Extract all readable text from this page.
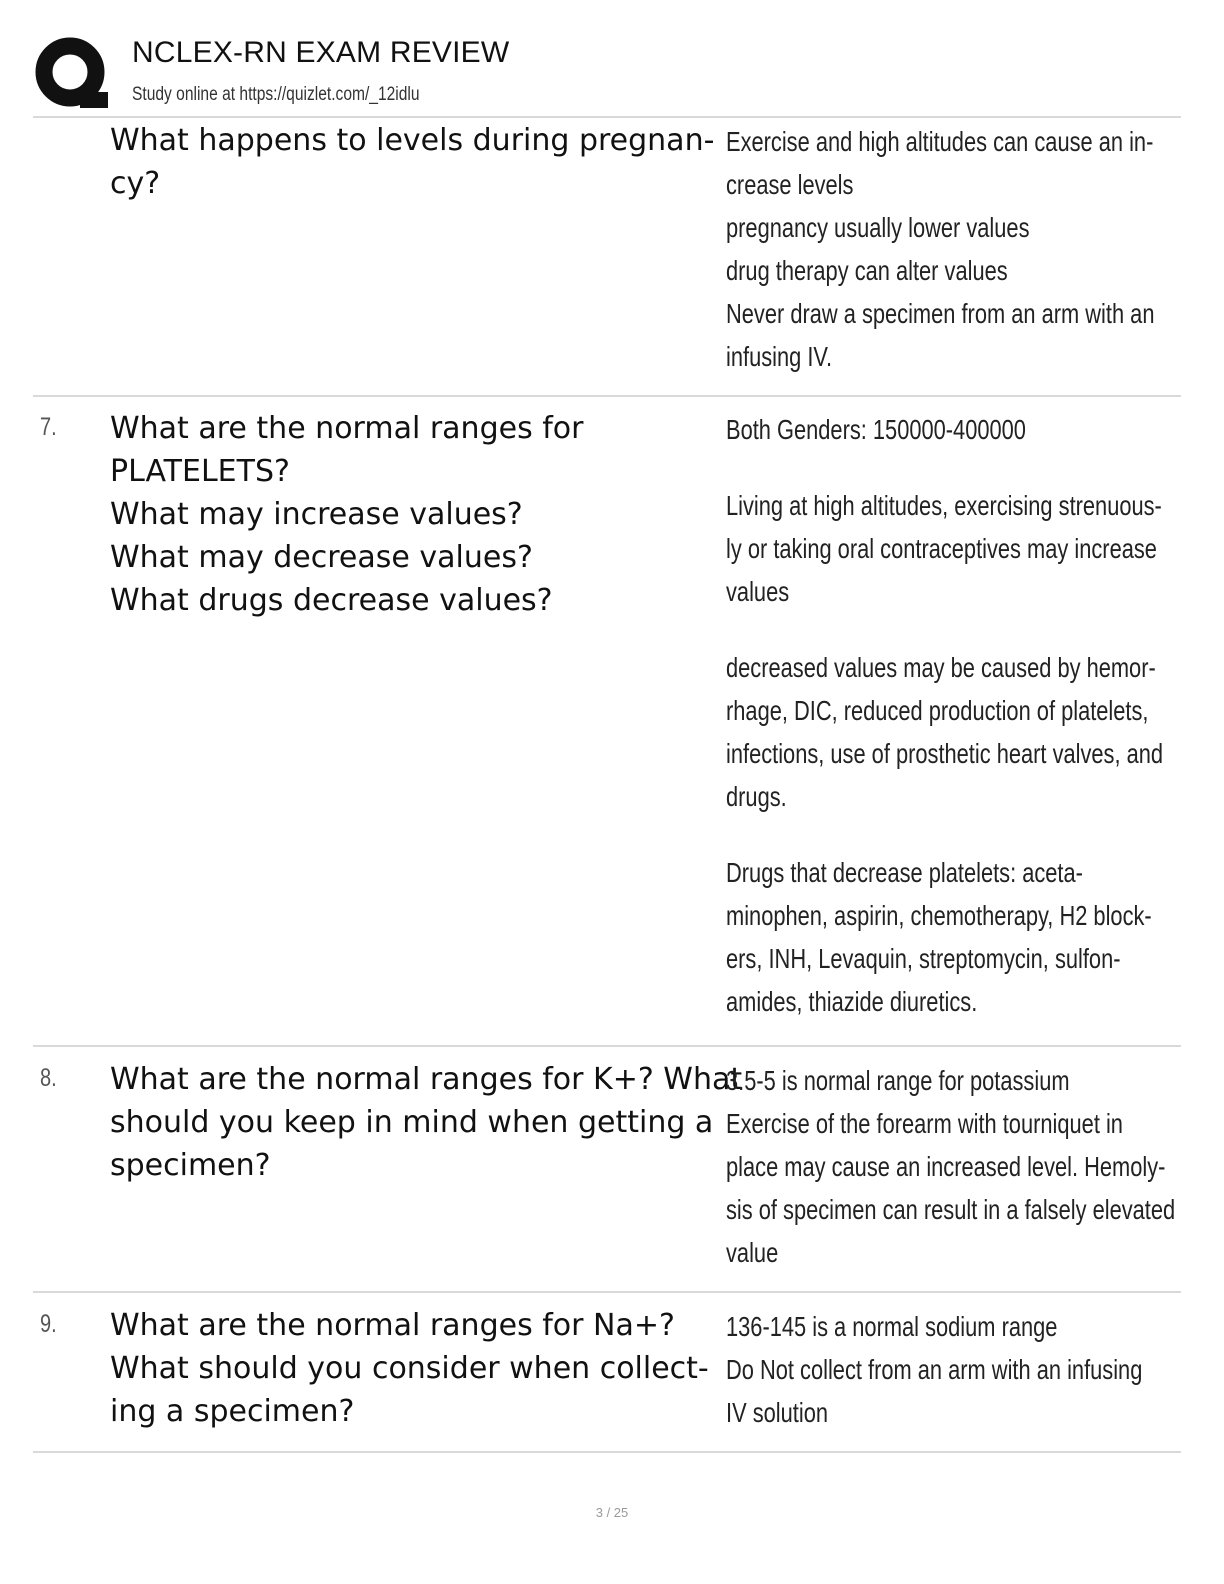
NCLEX-RN EXAM REVIEW
Study online at https://quizlet.com/_12idlu
What happens to levels during pregnan-
cy?
Exercise and high altitudes can cause an in-
crease levels
pregnancy usually lower values
drug therapy can alter values
Never draw a specimen from an arm with an
infusing IV.
7. What are the normal ranges for
PLATELETS?
What may increase values?
What may decrease values?
What drugs decrease values?
Both Genders: 150000-400000
Living at high altitudes, exercising strenuous-
ly or taking oral contraceptives may increase
values
decreased values may be caused by hemor-
rhage, DIC, reduced production of platelets,
infections, use of prosthetic heart valves, and
drugs.
Drugs that decrease platelets: aceta-
minophen, aspirin, chemotherapy, H2 block-
ers, INH, Levaquin, streptomycin, sulfon-
amides, thiazide diuretics.
8. What are the normal ranges for K+? What
should you keep in mind when getting a
specimen?
3.5-5 is normal range for potassium
Exercise of the forearm with tourniquet in
place may cause an increased level. Hemoly-
sis of specimen can result in a falsely elevated
value
9. What are the normal ranges for Na+?
What should you consider when collect-
ing a specimen?
136-145 is a normal sodium range
Do Not collect from an arm with an infusing
IV solution
3 / 25
